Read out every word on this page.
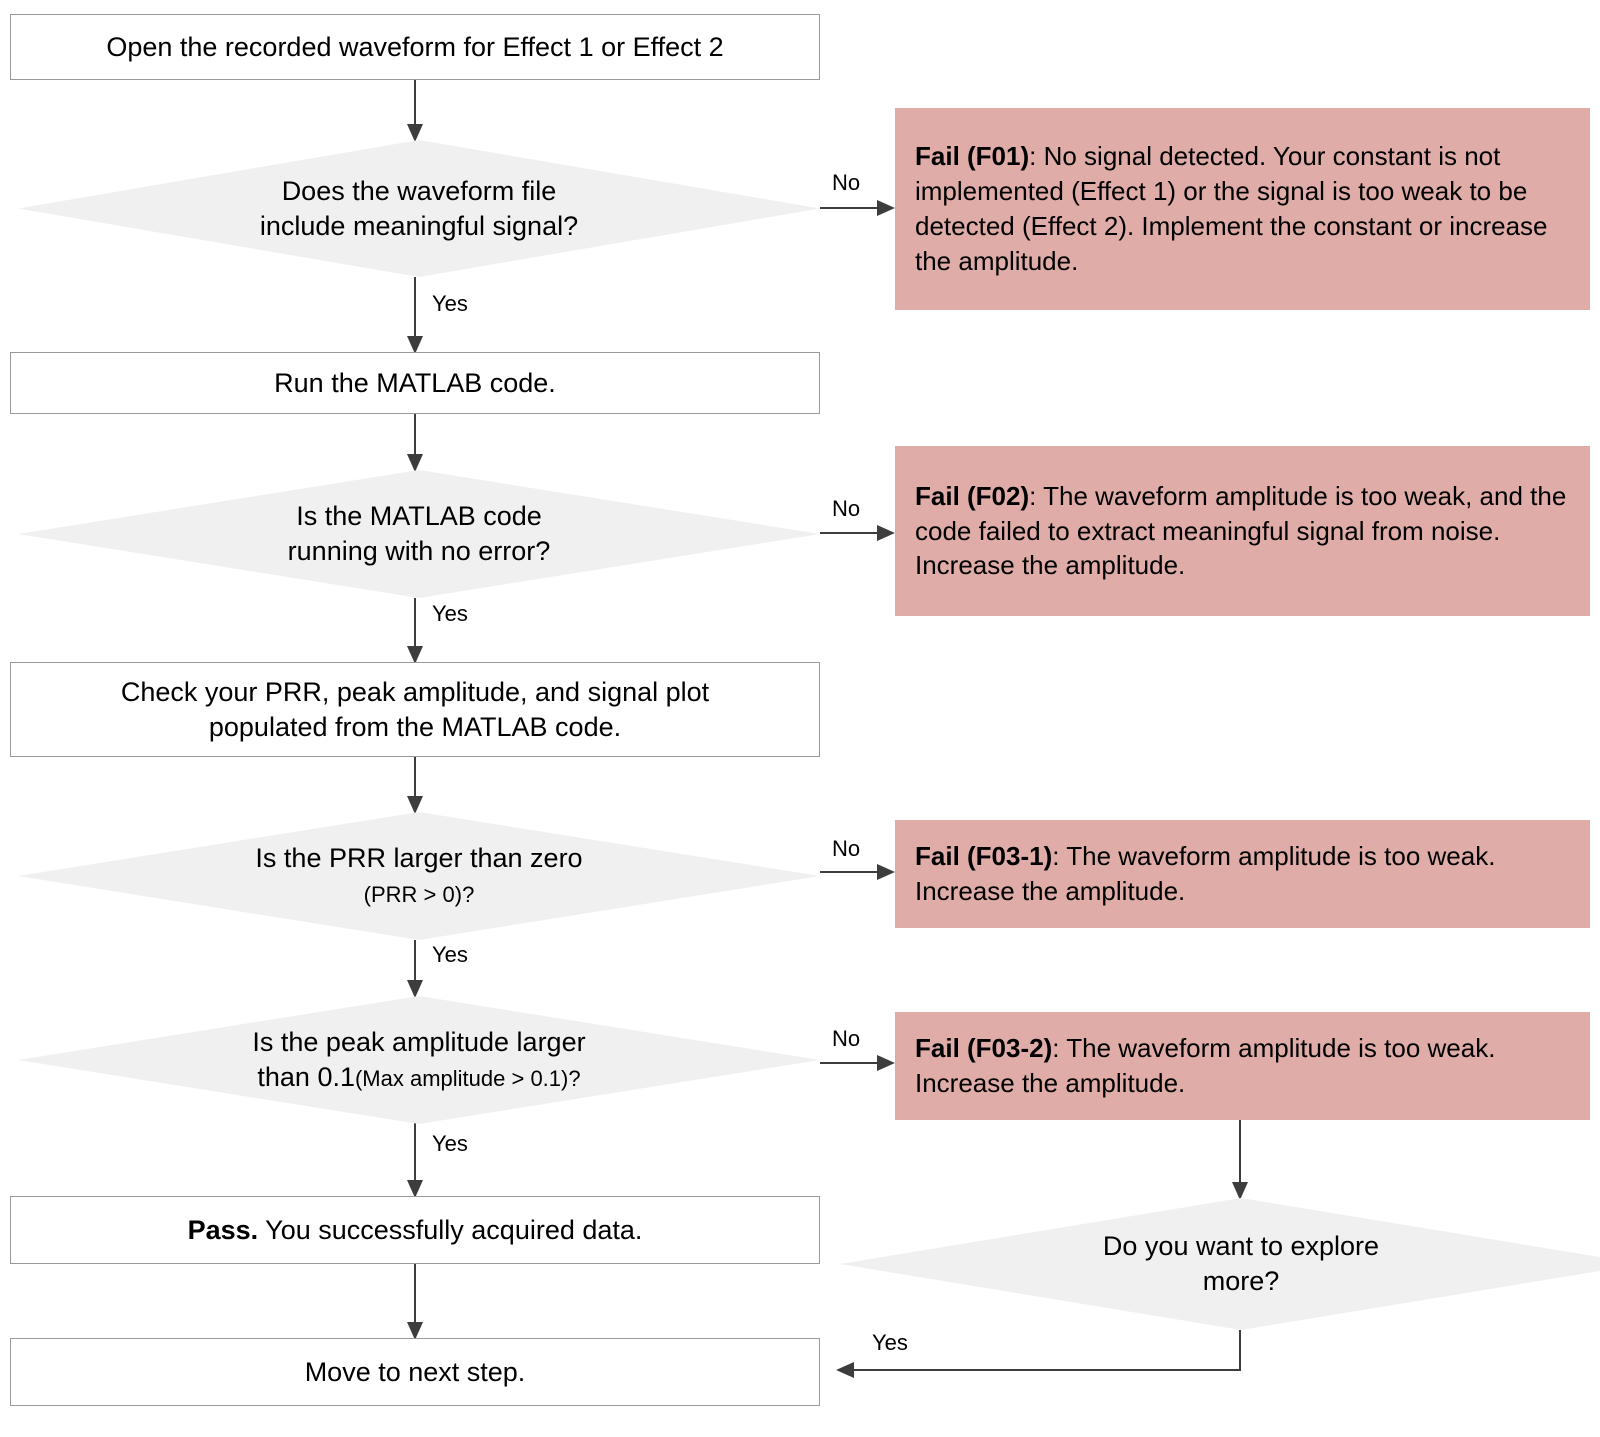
Open the recorded waveform for Effect 1 or Effect 2
Does the waveform file
include meaningful signal?
Fail (F01): No signal detected. Your constant is not implemented (Effect 1) or the signal is too weak to be detected (Effect 2). Implement the constant or increase the amplitude.
Run the MATLAB code.
Is the MATLAB code
running with no error?
Fail (F02): The waveform amplitude is too weak, and the code failed to extract meaningful signal from noise. Increase the amplitude.
Check your PRR, peak amplitude, and signal plot
populated from the MATLAB code.
Is the PRR larger than zero
(PRR > 0)?
Fail (F03-1): The waveform amplitude is too weak. Increase the amplitude.
Is the peak amplitude larger
than 0.1(Max amplitude > 0.1)?
Fail (F03-2): The waveform amplitude is too weak. Increase the amplitude.
Pass. You successfully acquired data.
Do you want to explore
more?
Move to next step.
No
Yes
No
Yes
No
Yes
No
Yes
Yes
